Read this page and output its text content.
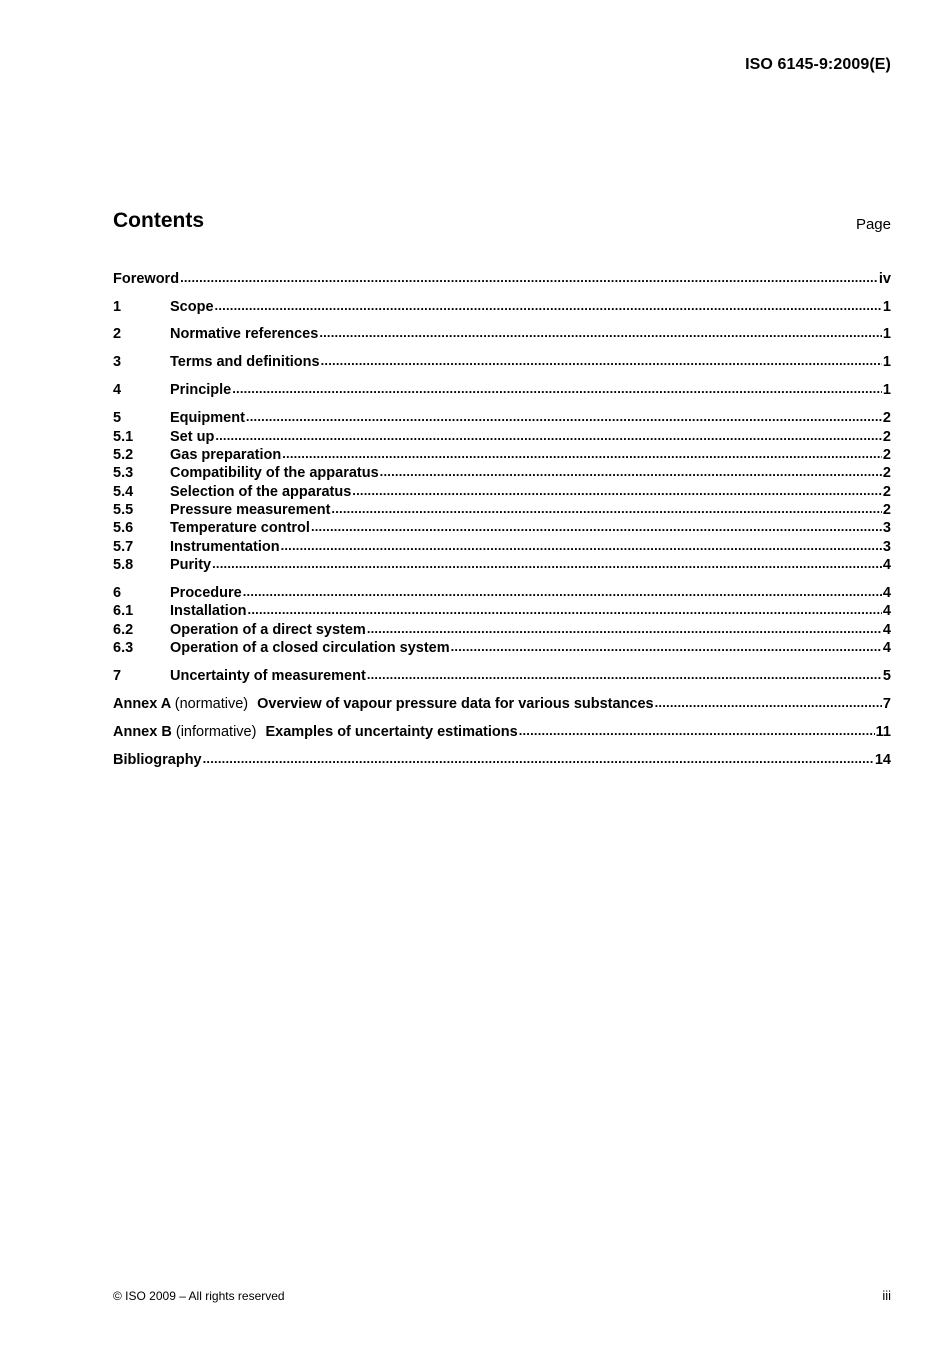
ISO 6145-9:2009(E)
Contents	Page
Foreword .....	iv
1	Scope .....	1
2	Normative references .....	1
3	Terms and definitions .....	1
4	Principle .....	1
5	Equipment .....	2
5.1	Set up .....	2
5.2	Gas preparation .....	2
5.3	Compatibility of the apparatus .....	2
5.4	Selection of the apparatus .....	2
5.5	Pressure measurement .....	2
5.6	Temperature control .....	3
5.7	Instrumentation .....	3
5.8	Purity .....	4
6	Procedure .....	4
6.1	Installation .....	4
6.2	Operation of a direct system .....	4
6.3	Operation of a closed circulation system .....	4
7	Uncertainty of measurement .....	5
Annex A (normative) Overview of vapour pressure data for various substances .....	7
Annex B (informative) Examples of uncertainty estimations .....	11
Bibliography .....	14
© ISO 2009 – All rights reserved	iii
